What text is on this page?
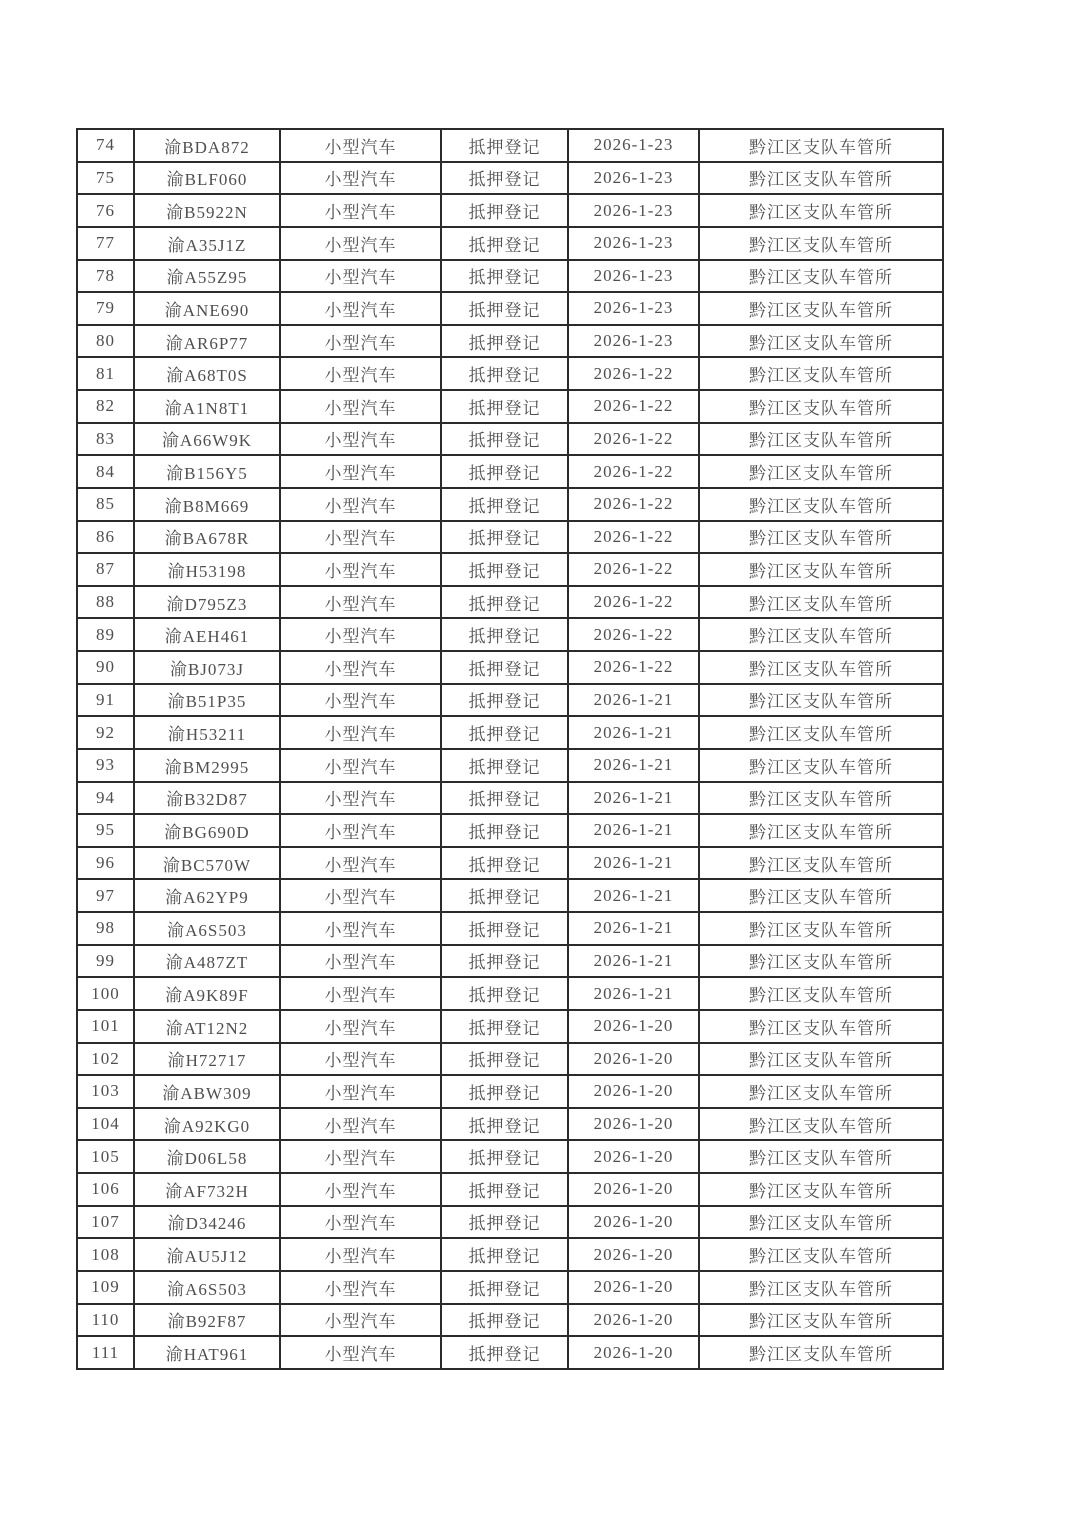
74	渝BDA872	小型汽车	抵押登记	2026-1-23	黔江区支队车管所
75	渝BLF060	小型汽车	抵押登记	2026-1-23	黔江区支队车管所
76	渝B5922N	小型汽车	抵押登记	2026-1-23	黔江区支队车管所
77	渝A35J1Z	小型汽车	抵押登记	2026-1-23	黔江区支队车管所
78	渝A55Z95	小型汽车	抵押登记	2026-1-23	黔江区支队车管所
79	渝ANE690	小型汽车	抵押登记	2026-1-23	黔江区支队车管所
80	渝AR6P77	小型汽车	抵押登记	2026-1-23	黔江区支队车管所
81	渝A68T0S	小型汽车	抵押登记	2026-1-22	黔江区支队车管所
82	渝A1N8T1	小型汽车	抵押登记	2026-1-22	黔江区支队车管所
83	渝A66W9K	小型汽车	抵押登记	2026-1-22	黔江区支队车管所
84	渝B156Y5	小型汽车	抵押登记	2026-1-22	黔江区支队车管所
85	渝B8M669	小型汽车	抵押登记	2026-1-22	黔江区支队车管所
86	渝BA678R	小型汽车	抵押登记	2026-1-22	黔江区支队车管所
87	渝H53198	小型汽车	抵押登记	2026-1-22	黔江区支队车管所
88	渝D795Z3	小型汽车	抵押登记	2026-1-22	黔江区支队车管所
89	渝AEH461	小型汽车	抵押登记	2026-1-22	黔江区支队车管所
90	渝BJ073J	小型汽车	抵押登记	2026-1-22	黔江区支队车管所
91	渝B51P35	小型汽车	抵押登记	2026-1-21	黔江区支队车管所
92	渝H53211	小型汽车	抵押登记	2026-1-21	黔江区支队车管所
93	渝BM2995	小型汽车	抵押登记	2026-1-21	黔江区支队车管所
94	渝B32D87	小型汽车	抵押登记	2026-1-21	黔江区支队车管所
95	渝BG690D	小型汽车	抵押登记	2026-1-21	黔江区支队车管所
96	渝BC570W	小型汽车	抵押登记	2026-1-21	黔江区支队车管所
97	渝A62YP9	小型汽车	抵押登记	2026-1-21	黔江区支队车管所
98	渝A6S503	小型汽车	抵押登记	2026-1-21	黔江区支队车管所
99	渝A487ZT	小型汽车	抵押登记	2026-1-21	黔江区支队车管所
100	渝A9K89F	小型汽车	抵押登记	2026-1-21	黔江区支队车管所
101	渝AT12N2	小型汽车	抵押登记	2026-1-20	黔江区支队车管所
102	渝H72717	小型汽车	抵押登记	2026-1-20	黔江区支队车管所
103	渝ABW309	小型汽车	抵押登记	2026-1-20	黔江区支队车管所
104	渝A92KG0	小型汽车	抵押登记	2026-1-20	黔江区支队车管所
105	渝D06L58	小型汽车	抵押登记	2026-1-20	黔江区支队车管所
106	渝AF732H	小型汽车	抵押登记	2026-1-20	黔江区支队车管所
107	渝D34246	小型汽车	抵押登记	2026-1-20	黔江区支队车管所
108	渝AU5J12	小型汽车	抵押登记	2026-1-20	黔江区支队车管所
109	渝A6S503	小型汽车	抵押登记	2026-1-20	黔江区支队车管所
110	渝B92F87	小型汽车	抵押登记	2026-1-20	黔江区支队车管所
111	渝HAT961	小型汽车	抵押登记	2026-1-20	黔江区支队车管所
